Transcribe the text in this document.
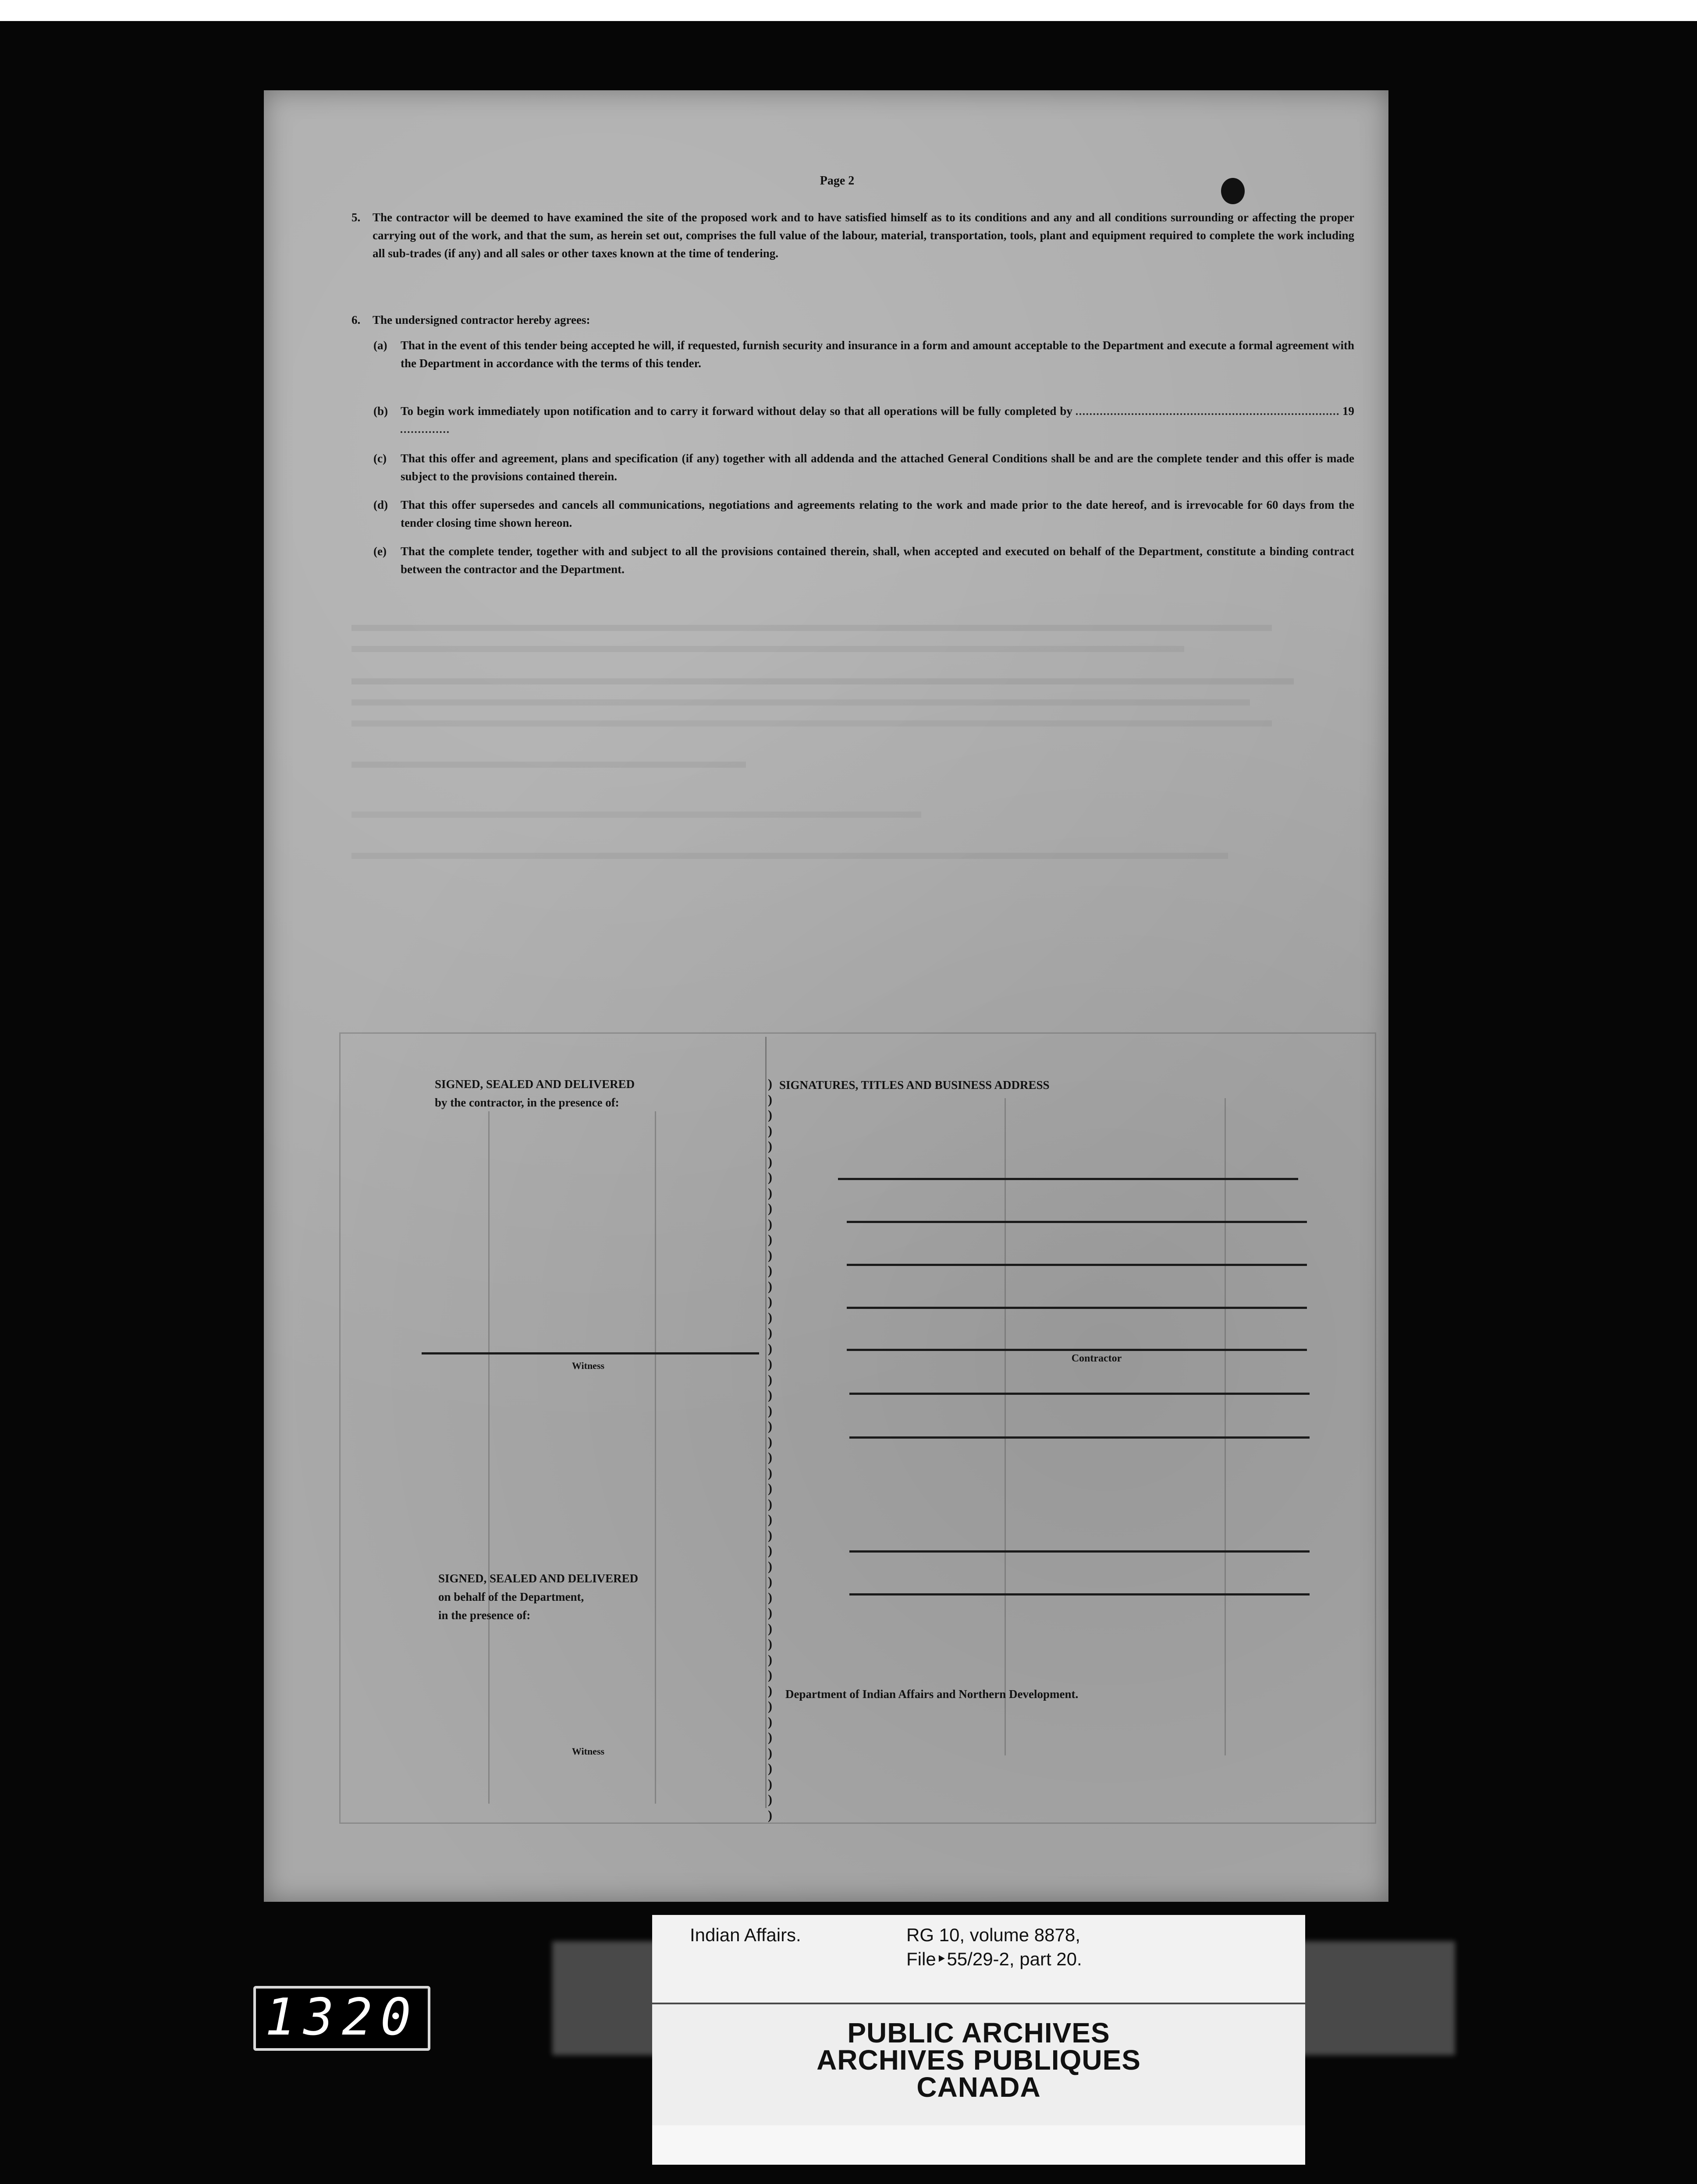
Page 2
5. The contractor will be deemed to have examined the site of the proposed work and to have satisfied himself as to its conditions and any and all conditions surrounding or affecting the proper carrying out of the work, and that the sum, as herein set out, comprises the full value of the labour, material, transportation, tools, plant and equipment required to complete the work including all sub-trades (if any) and all sales or other taxes known at the time of tendering.
6. The undersigned contractor hereby agrees:
(a) That in the event of this tender being accepted he will, if requested, furnish security and insurance in a form and amount acceptable to the Department and execute a formal agreement with the Department in accordance with the terms of this tender.
(b) To begin work immediately upon notification and to carry it forward without delay so that all operations will be fully completed by	19
(c) That this offer and agreement, plans and specification (if any) together with all addenda and the attached General Conditions shall be and are the complete tender and this offer is made subject to the provisions contained therein.
(d) That this offer supersedes and cancels all communications, negotiations and agreements relating to the work and made prior to the date hereof, and is irrevocable for 60 days from the tender closing time shown hereon.
(e) That the complete tender, together with and subject to all the provisions contained therein, shall, when accepted and executed on behalf of the Department, constitute a binding contract between the contractor and the Department.
SIGNED, SEALED AND DELIVERED
by the contractor, in the presence of:
Witness
SIGNED, SEALED AND DELIVERED
on behalf of the Department,
in the presence of:
Witness
SIGNATURES, TITLES AND BUSINESS ADDRESS
)
)
)
)
)
)
)
)
)
)
)
)
)
)
)
)
)
)
)
)
)
)
)
)
)
)
)
)
)
)
)
)
)
)
)
)
)
)
)
)
)
)
)
)
)
)
)
)
Contractor
Department of Indian Affairs and Northern Development.
Indian Affairs.	RG 10, volume 8878,
File‣55/29-2, part 20.
PUBLIC ARCHIVES
ARCHIVES PUBLIQUES
CANADA
1320
